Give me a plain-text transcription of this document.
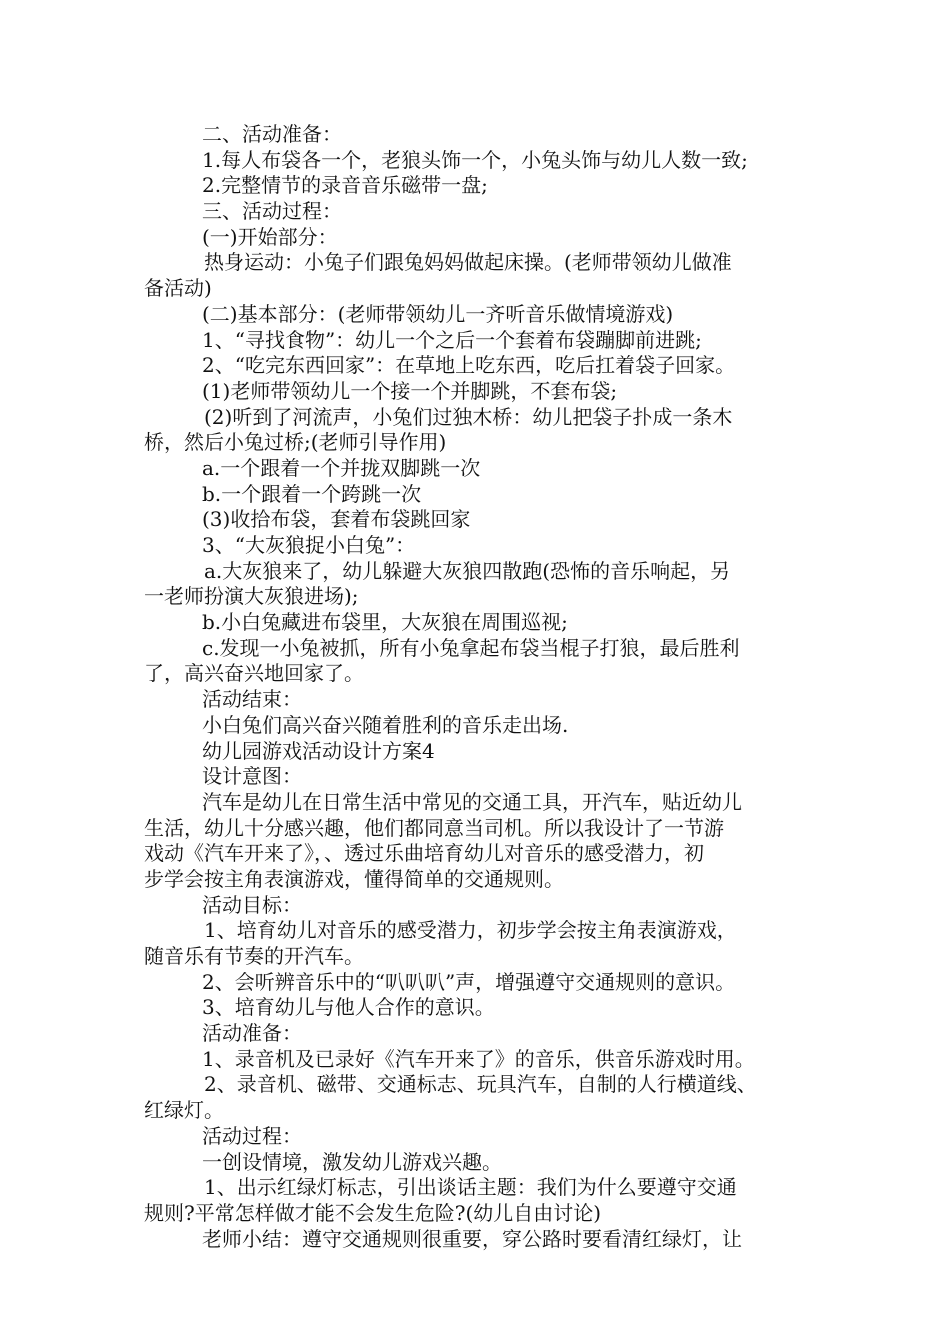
二、活动准备：
1.每人布袋各一个，老狼头饰一个，小兔头饰与幼儿人数一致;
2.完整情节的录音音乐磁带一盘;
三、活动过程：
(一)开始部分：
热身运动：小兔子们跟兔妈妈做起床操。(老师带领幼儿做准
备活动)
(二)基本部分：(老师带领幼儿一齐听音乐做情境游戏)
1、“寻找食物”：幼儿一个之后一个套着布袋蹦脚前进跳;
2、“吃完东西回家”：在草地上吃东西，吃后扛着袋子回家。
(1)老师带领幼儿一个接一个并脚跳，不套布袋;
(2)听到了河流声，小兔们过独木桥：幼儿把袋子扑成一条木
桥，然后小兔过桥;(老师引导作用)
a.一个跟着一个并拢双脚跳一次
b.一个跟着一个跨跳一次
(3)收拾布袋，套着布袋跳回家
3、“大灰狼捉小白兔”：
a.大灰狼来了，幼儿躲避大灰狼四散跑(恐怖的音乐响起，另
一老师扮演大灰狼进场);
b.小白兔藏进布袋里，大灰狼在周围巡视;
c.发现一小兔被抓，所有小兔拿起布袋当棍子打狼，最后胜利
了，高兴奋兴地回家了。
活动结束：
小白兔们高兴奋兴随着胜利的音乐走出场.
幼儿园游戏活动设计方案4
设计意图：
汽车是幼儿在日常生活中常见的交通工具，开汽车，贴近幼儿
生活，幼儿十分感兴趣，他们都同意当司机。所以我设计了一节游
戏动《汽车开来了》，、透过乐曲培育幼儿对音乐的感受潜力，初
步学会按主角表演游戏，懂得简单的交通规则。
活动目标：
1、培育幼儿对音乐的感受潜力，初步学会按主角表演游戏，
随音乐有节奏的开汽车。
2、会听辨音乐中的“叭叭叭”声，增强遵守交通规则的意识。
3、培育幼儿与他人合作的意识。
活动准备：
1、录音机及已录好《汽车开来了》的音乐，供音乐游戏时用。
2、录音机、磁带、交通标志、玩具汽车，自制的人行横道线、
红绿灯。
活动过程：
一创设情境，激发幼儿游戏兴趣。
1、出示红绿灯标志，引出谈话主题：我们为什么要遵守交通
规则?平常怎样做才能不会发生危险?(幼儿自由讨论)
老师小结：遵守交通规则很重要，穿公路时要看清红绿灯，让
